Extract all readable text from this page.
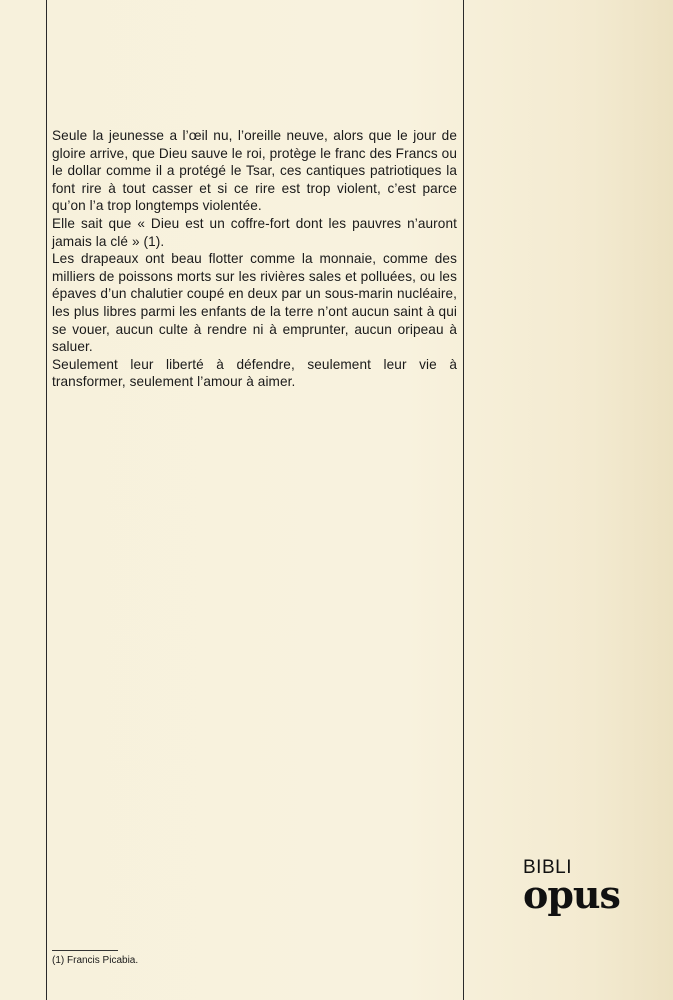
Seule la jeunesse a l’œil nu, l’oreille neuve, alors que le jour de gloire arrive, que Dieu sauve le roi, protège le franc des Francs ou le dollar comme il a protégé le Tsar, ces cantiques patriotiques la font rire à tout casser et si ce rire est trop violent, c’est parce qu’on l’a trop longtemps violentée.

Elle sait que « Dieu est un coffre-fort dont les pauvres n’auront jamais la clé » (1).

Les drapeaux ont beau flotter comme la monnaie, comme des milliers de poissons morts sur les rivières sales et polluées, ou les épaves d’un chalutier coupé en deux par un sous-marin nucléaire, les plus libres parmi les enfants de la terre n’ont aucun saint à qui se vouer, aucun culte à rendre ni à emprunter, aucun oripeau à saluer.

Seulement leur liberté à défendre, seulement leur vie à transformer, seulement l’amour à aimer.

(1) Francis Picabia.
BIBLI
opus
